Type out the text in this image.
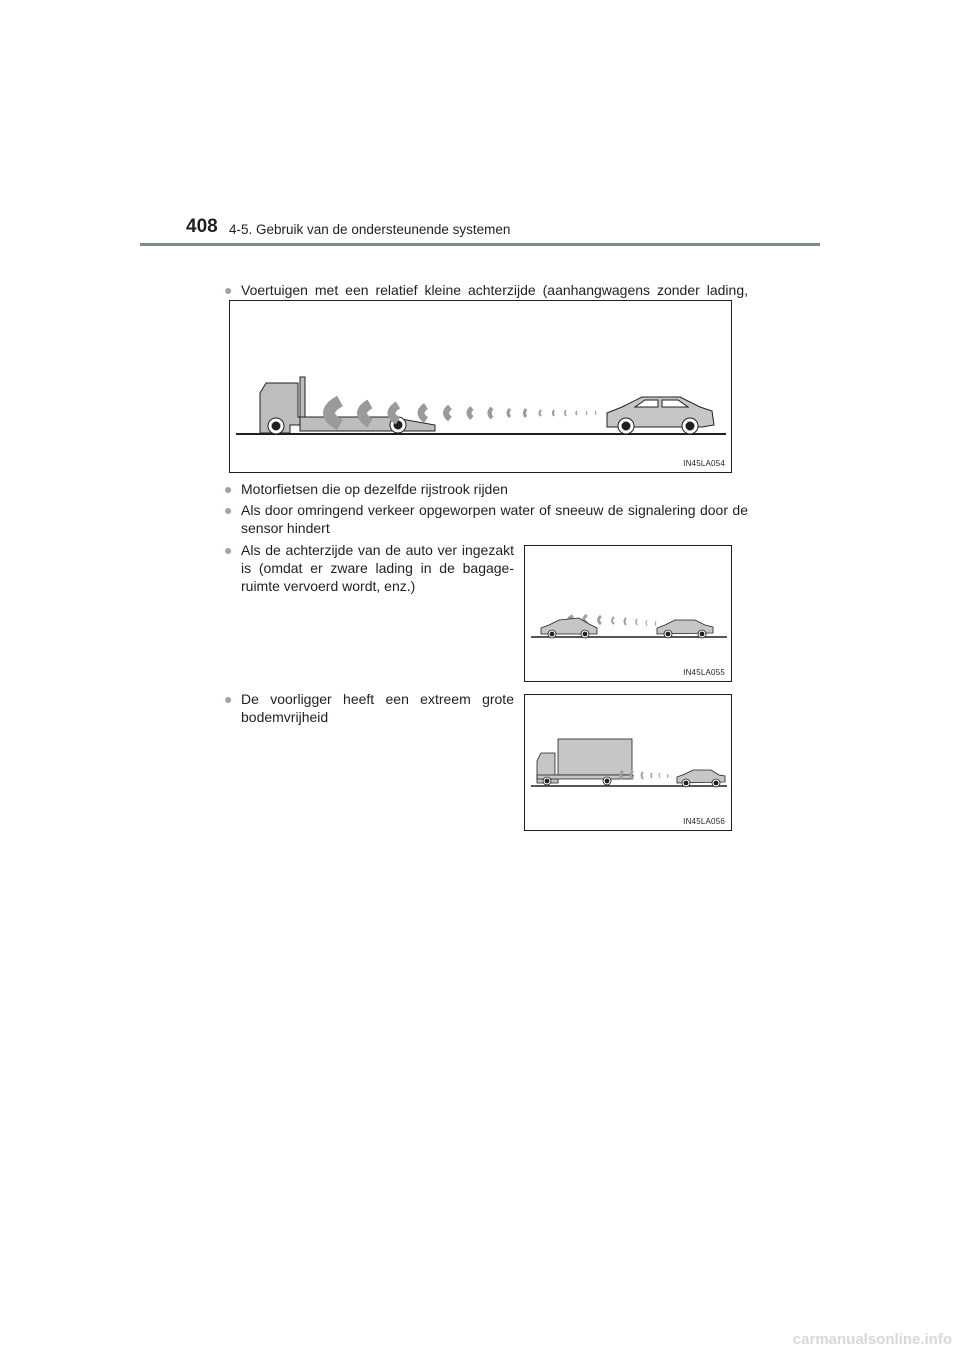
408 4-5. Gebruik van de ondersteunende systemen
● Voertuigen met een relatief kleine achterzijde (aanhangwagens zonder lading,
IN45LA054
● Motorfietsen die op dezelfde rijstrook rijden
● Als door omringend verkeer opgeworpen water of sneeuw de signalering door de sensor hindert
● Als de achterzijde van de auto ver ingezakt is (omdat er zware lading in de bagage-ruimte vervoerd wordt, enz.)
IN45LA055
● De voorligger heeft een extreem grote bodemvrijheid
IN45LA056
carmanualsonline.info
